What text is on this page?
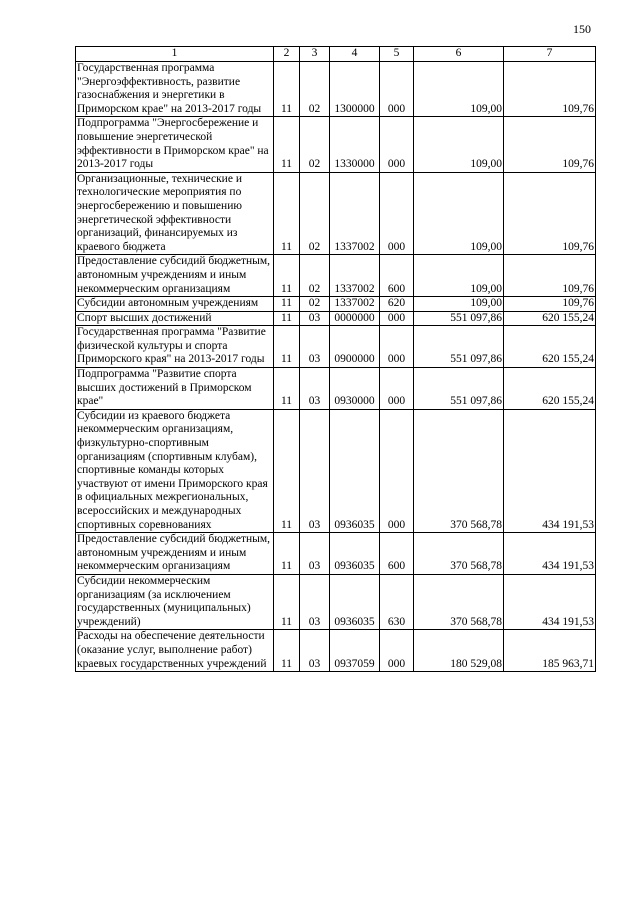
150
1	2	3	4	5	6	7
Государственная программа "Энергоэффективность, развитие газоснабжения и энергетики в Приморском крае" на 2013-2017 годы	11	02	1300000	000	109,00	109,76
Подпрограмма "Энергосбережение и повышение энергетической эффективности в Приморском крае" на 2013-2017 годы	11	02	1330000	000	109,00	109,76
Организационные, технические и технологические мероприятия по энергосбережению и повышению энергетической эффективности организаций, финансируемых из краевого бюджета	11	02	1337002	000	109,00	109,76
Предоставление субсидий бюджетным, автономным учреждениям и иным некоммерческим организациям	11	02	1337002	600	109,00	109,76
Субсидии автономным учреждениям	11	02	1337002	620	109,00	109,76
Спорт высших достижений	11	03	0000000	000	551 097,86	620 155,24
Государственная программа "Развитие физической культуры и спорта Приморского края" на 2013-2017 годы	11	03	0900000	000	551 097,86	620 155,24
Подпрограмма "Развитие спорта высших достижений в Приморском крае"	11	03	0930000	000	551 097,86	620 155,24
Субсидии из краевого бюджета некоммерческим организациям, физкультурно-спортивным организациям (спортивным клубам), спортивные команды которых участвуют от имени Приморского края в официальных межрегиональных, всероссийских и международных спортивных соревнованиях	11	03	0936035	000	370 568,78	434 191,53
Предоставление субсидий бюджетным, автономным учреждениям и иным некоммерческим организациям	11	03	0936035	600	370 568,78	434 191,53
Субсидии некоммерческим организациям (за исключением государственных (муниципальных) учреждений)	11	03	0936035	630	370 568,78	434 191,53
Расходы на обеспечение деятельности (оказание услуг, выполнение работ) краевых государственных учреждений	11	03	0937059	000	180 529,08	185 963,71
